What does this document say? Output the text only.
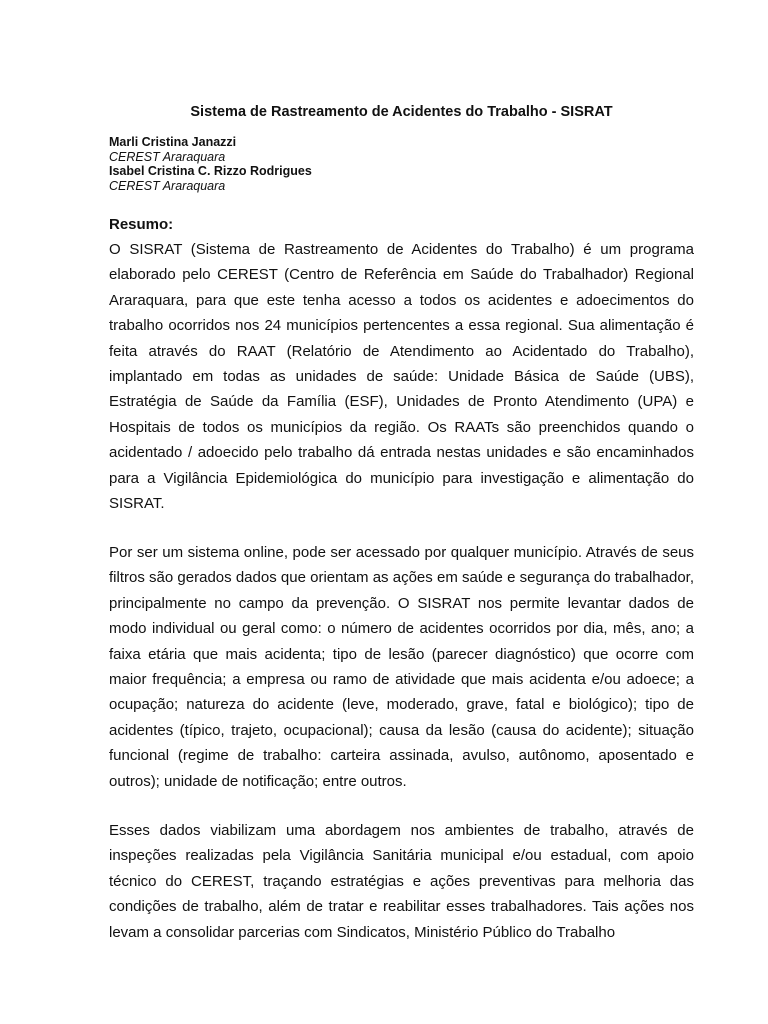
Sistema de Rastreamento de Acidentes do Trabalho - SISRAT
Marli Cristina Janazzi
CEREST Araraquara
Isabel Cristina C. Rizzo Rodrigues
CEREST Araraquara
Resumo:

O SISRAT (Sistema de Rastreamento de Acidentes do Trabalho) é um programa elaborado pelo CEREST (Centro de Referência em Saúde do Trabalhador) Regional Araraquara, para que este tenha acesso a todos os acidentes e adoecimentos do trabalho ocorridos nos 24 municípios pertencentes a essa regional. Sua alimentação é feita através do RAAT (Relatório de Atendimento ao Acidentado do Trabalho), implantado em todas as unidades de saúde: Unidade Básica de Saúde (UBS), Estratégia de Saúde da Família (ESF), Unidades de Pronto Atendimento (UPA) e Hospitais de todos os municípios da região. Os RAATs são preenchidos quando o acidentado / adoecido pelo trabalho dá entrada nestas unidades e são encaminhados para a Vigilância Epidemiológica do município para investigação e alimentação do SISRAT.

Por ser um sistema online, pode ser acessado por qualquer município. Através de seus filtros são gerados dados que orientam as ações em saúde e segurança do trabalhador, principalmente no campo da prevenção. O SISRAT nos permite levantar dados de modo individual ou geral como: o número de acidentes ocorridos por dia, mês, ano; a faixa etária que mais acidenta; tipo de lesão (parecer diagnóstico) que ocorre com maior frequência; a empresa ou ramo de atividade que mais acidenta e/ou adoece; a ocupação; natureza do acidente (leve, moderado, grave, fatal e biológico); tipo de acidentes (típico, trajeto, ocupacional); causa da lesão (causa do acidente); situação funcional (regime de trabalho: carteira assinada, avulso, autônomo, aposentado e outros); unidade de notificação; entre outros.

Esses dados viabilizam uma abordagem nos ambientes de trabalho, através de inspeções realizadas pela Vigilância Sanitária municipal e/ou estadual, com apoio técnico do CEREST, traçando estratégias e ações preventivas para melhoria das condições de trabalho, além de tratar e reabilitar esses trabalhadores. Tais ações nos levam a consolidar parcerias com Sindicatos, Ministério Público do Trabalho
